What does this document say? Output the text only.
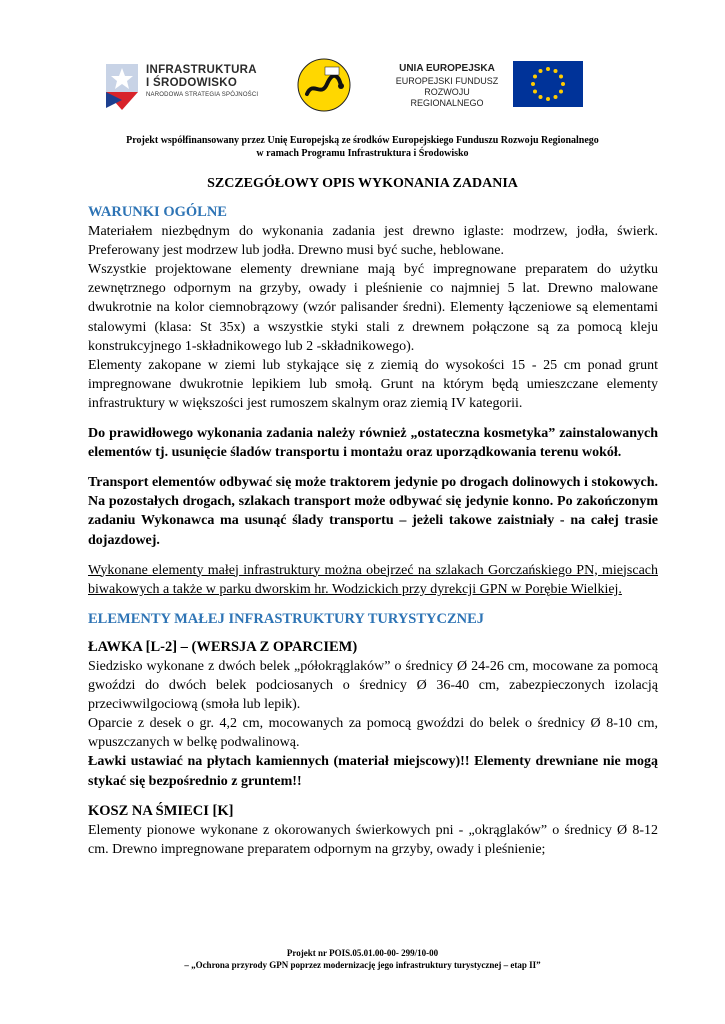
INFRASTRUKTURA
I ŚRODOWISKO
NARODOWA STRATEGIA SPÓJNOŚCI
UNIA EUROPEJSKA
EUROPEJSKI FUNDUSZ
ROZWOJU REGIONALNEGO
Projekt współfinansowany przez Unię Europejską ze środków Europejskiego Funduszu Rozwoju Regionalnego
w ramach Programu Infrastruktura i Środowisko
SZCZEGÓŁOWY OPIS WYKONANIA ZADANIA
WARUNKI OGÓLNE

Materiałem niezbędnym do wykonania zadania jest drewno iglaste: modrzew, jodła, świerk. Preferowany jest modrzew lub jodła. Drewno musi być suche, heblowane.

Wszystkie projektowane elementy drewniane mają być impregnowane preparatem do użytku zewnętrznego odpornym na grzyby, owady i pleśnienie co najmniej 5 lat. Drewno malowane dwukrotnie na kolor ciemnobrązowy (wzór palisander średni). Elementy łączeniowe są elementami stalowymi (klasa: St 35x) a wszystkie styki stali z drewnem połączone są za pomocą kleju konstrukcyjnego 1-składnikowego lub 2 -składnikowego).

Elementy zakopane w ziemi lub stykające się z ziemią do wysokości 15 - 25 cm ponad grunt impregnowane dwukrotnie lepikiem lub smołą. Grunt na którym będą umieszczane elementy infrastruktury w większości jest rumoszem skalnym oraz ziemią IV kategorii.

Do prawidłowego wykonania zadania należy również „ostateczna kosmetyka” zainstalowanych elementów tj. usunięcie śladów transportu i montażu oraz uporządkowania terenu wokół.

Transport elementów odbywać się może traktorem jedynie po drogach dolinowych i stokowych. Na pozostałych drogach, szlakach transport może odbywać się jedynie konno. Po zakończonym zadaniu Wykonawca ma usunąć ślady transportu – jeżeli takowe zaistniały - na całej trasie dojazdowej.

Wykonane elementy małej infrastruktury można obejrzeć na szlakach Gorczańskiego PN, miejscach biwakowych a także w parku dworskim hr. Wodzickich przy dyrekcji GPN w Porębie Wielkiej.

ELEMENTY MAŁEJ INFRASTRUKTURY TURYSTYCZNEJ
ŁAWKA [L-2] – (WERSJA Z OPARCIEM)

Siedzisko wykonane z dwóch belek „półokrąglaków” o średnicy Ø 24-26 cm, mocowane za pomocą gwoździ do dwóch belek podciosanych o średnicy Ø 36-40 cm, zabezpieczonych izolacją przeciwwilgociową (smoła lub lepik).

Oparcie z desek o gr. 4,2 cm, mocowanych za pomocą gwoździ do belek o średnicy Ø 8-10 cm, wpuszczanych w belkę podwalinową.

Ławki ustawiać na płytach kamiennych (materiał miejscowy)!! Elementy drewniane nie mogą stykać się bezpośrednio z gruntem!!

KOSZ NA ŚMIECI [K]

Elementy pionowe wykonane z okorowanych świerkowych pni - „okrąglaków” o średnicy Ø 8-12 cm. Drewno impregnowane preparatem odpornym na grzyby, owady i pleśnienie;

Projekt nr POIS.05.01.00-00- 299/10-00
– „Ochrona przyrody GPN poprzez modernizację jego infrastruktury turystycznej – etap II”
